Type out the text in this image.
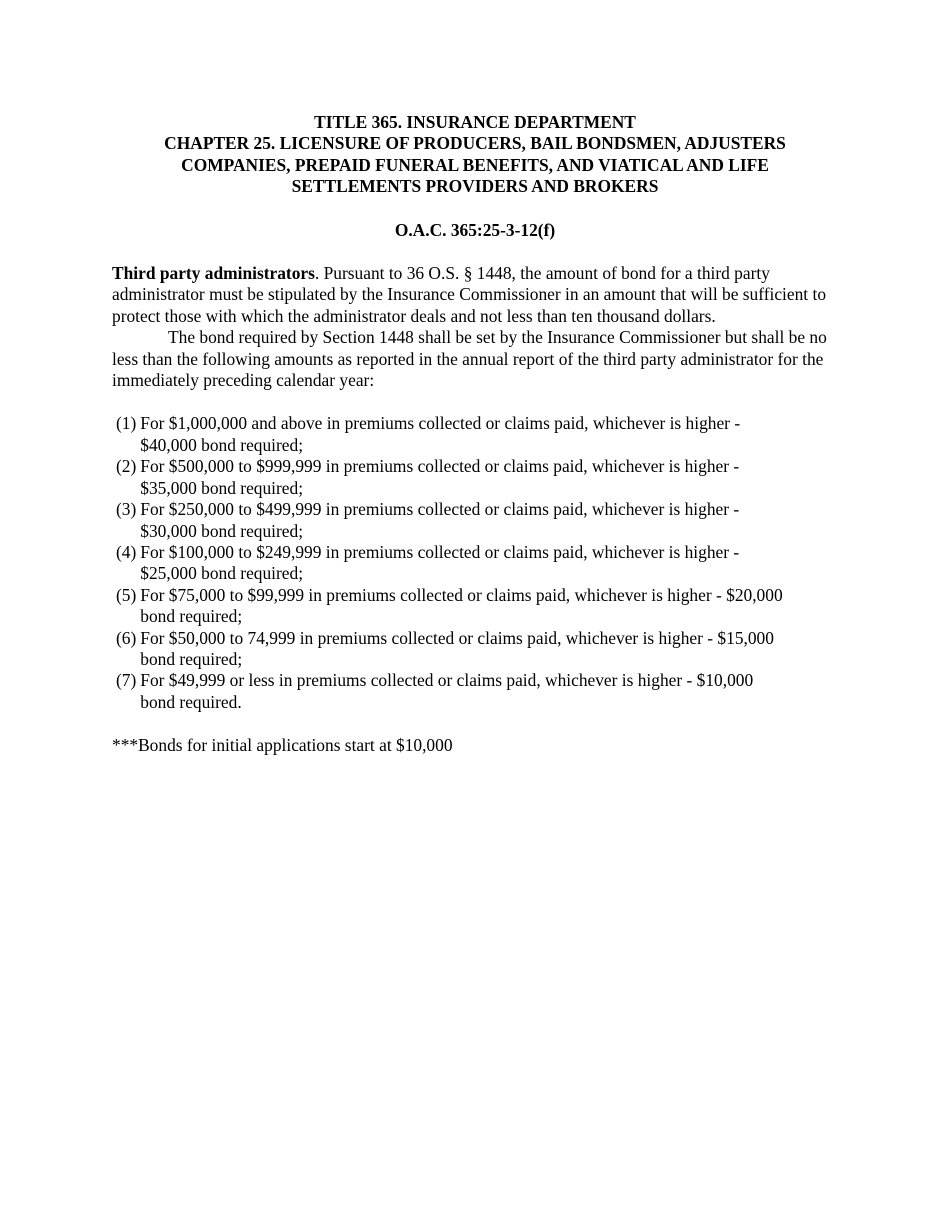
TITLE 365. INSURANCE DEPARTMENT
CHAPTER 25. LICENSURE OF PRODUCERS, BAIL BONDSMEN, ADJUSTERS
COMPANIES, PREPAID FUNERAL BENEFITS, AND VIATICAL AND LIFE
SETTLEMENTS PROVIDERS AND BROKERS
O.A.C. 365:25-3-12(f)
Third party administrators. Pursuant to 36 O.S. § 1448, the amount of bond for a third party administrator must be stipulated by the Insurance Commissioner in an amount that will be sufficient to protect those with which the administrator deals and not less than ten thousand dollars.
The bond required by Section 1448 shall be set by the Insurance Commissioner but shall be no less than the following amounts as reported in the annual report of the third party administrator for the immediately preceding calendar year:
(1) For $1,000,000 and above in premiums collected or claims paid, whichever is higher -
$40,000 bond required;
(2) For $500,000 to $999,999 in premiums collected or claims paid, whichever is higher -
$35,000 bond required;
(3) For $250,000 to $499,999 in premiums collected or claims paid, whichever is higher -
$30,000 bond required;
(4) For $100,000 to $249,999 in premiums collected or claims paid, whichever is higher -
$25,000 bond required;
(5) For $75,000 to $99,999 in premiums collected or claims paid, whichever is higher - $20,000
bond required;
(6) For $50,000 to 74,999 in premiums collected or claims paid, whichever is higher - $15,000
bond required;
(7) For $49,999 or less in premiums collected or claims paid, whichever is higher - $10,000
bond required.
***Bonds for initial applications start at $10,000
